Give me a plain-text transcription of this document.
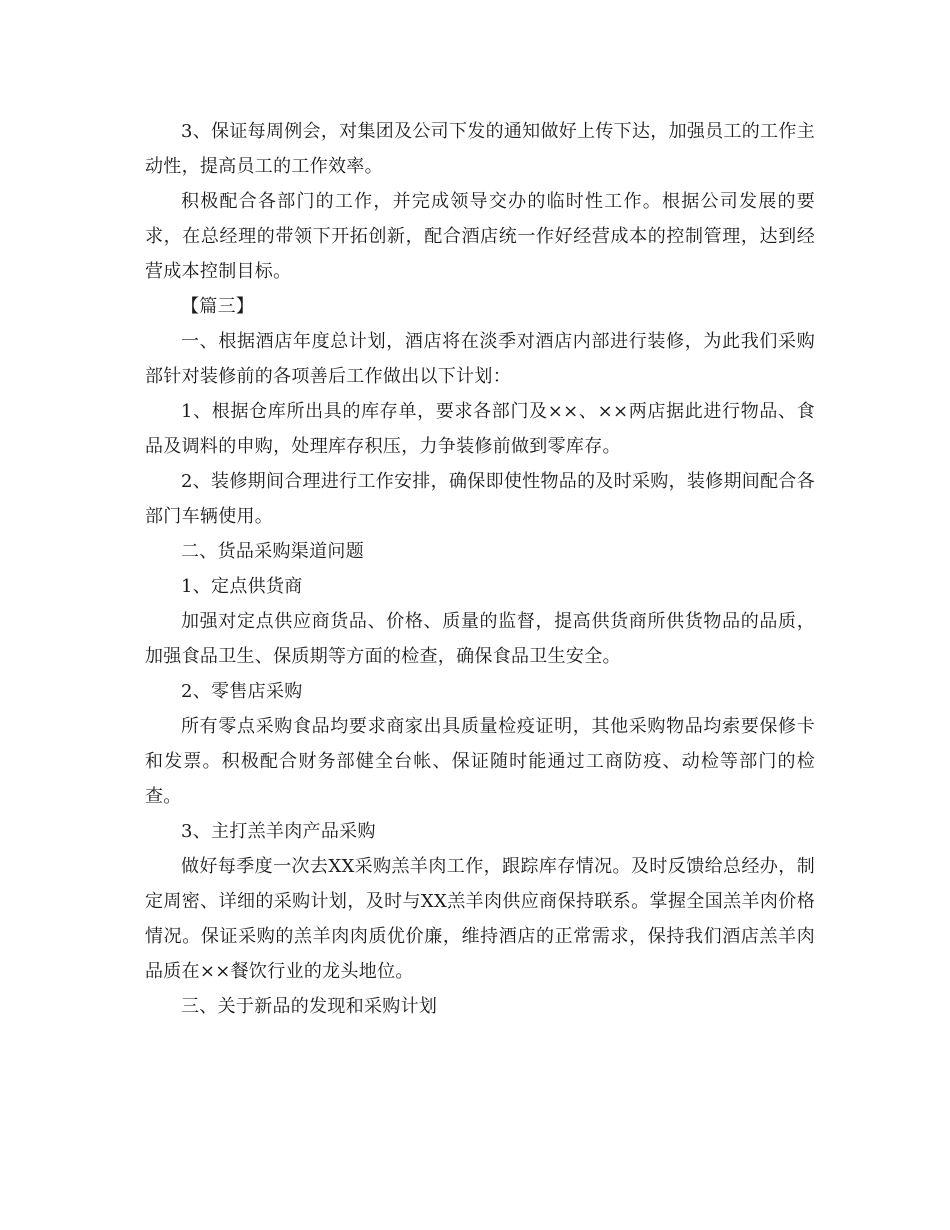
3、保证每周例会，对集团及公司下发的通知做好上传下达，加强员工的工作主动性，提高员工的工作效率。

积极配合各部门的工作，并完成领导交办的临时性工作。根据公司发展的要求，在总经理的带领下开拓创新，配合酒店统一作好经营成本的控制管理，达到经营成本控制目标。

【篇三】

一、根据酒店年度总计划，酒店将在淡季对酒店内部进行装修，为此我们采购部针对装修前的各项善后工作做出以下计划：

1、根据仓库所出具的库存单，要求各部门及××、××两店据此进行物品、食品及调料的申购，处理库存积压，力争装修前做到零库存。

2、装修期间合理进行工作安排，确保即使性物品的及时采购，装修期间配合各部门车辆使用。

二、货品采购渠道问题

1、定点供货商

加强对定点供应商货品、价格、质量的监督，提高供货商所供货物品的品质，加强食品卫生、保质期等方面的检查，确保食品卫生安全。

2、零售店采购

所有零点采购食品均要求商家出具质量检疫证明，其他采购物品均索要保修卡和发票。积极配合财务部健全台帐、保证随时能通过工商防疫、动检等部门的检查。

3、主打羔羊肉产品采购

做好每季度一次去XX采购羔羊肉工作，跟踪库存情况。及时反馈给总经办，制定周密、详细的采购计划，及时与XX羔羊肉供应商保持联系。掌握全国羔羊肉价格情况。保证采购的羔羊肉肉质优价廉，维持酒店的正常需求，保持我们酒店羔羊肉品质在××餐饮行业的龙头地位。

三、关于新品的发现和采购计划
